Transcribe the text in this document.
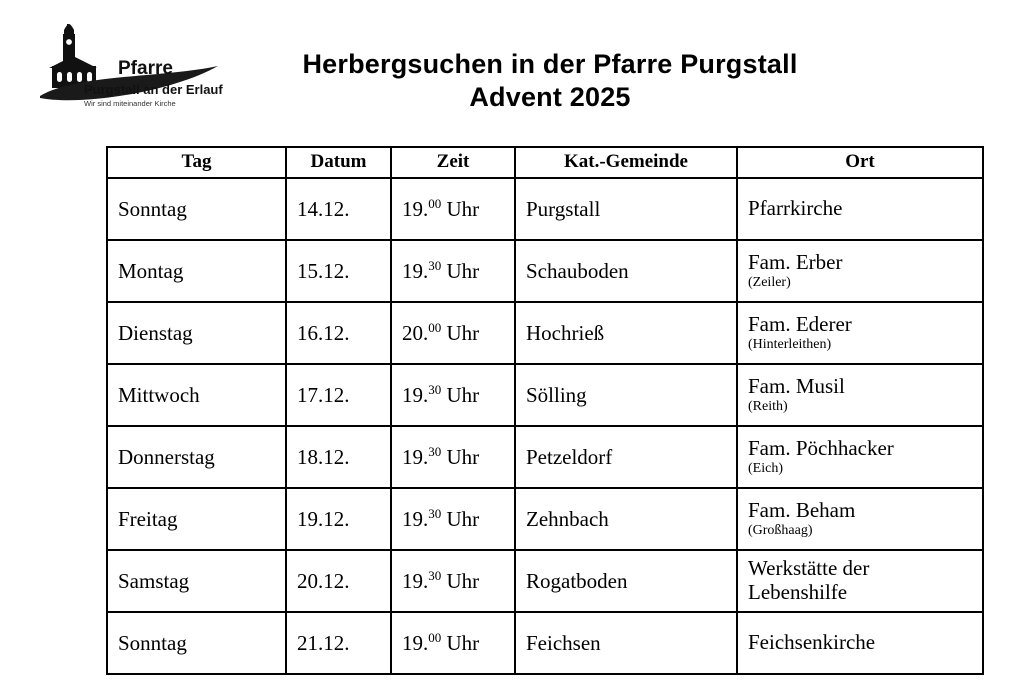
Pfarre
Purgstall an der Erlauf
Wir sind miteinander Kirche
Herbergsuchen in der Pfarre Purgstall
Advent 2025
Tag	Datum	Zeit	Kat.-Gemeinde	Ort
Sonntag	14.12.	19.00 Uhr	Purgstall	Pfarrkirche

Montag	15.12.	19.30 Uhr	Schauboden	Fam. Erber
(Zeiler)

Dienstag	16.12.	20.00 Uhr	Hochrieß	Fam. Ederer
(Hinterleithen)

Mittwoch	17.12.	19.30 Uhr	Sölling	Fam. Musil
(Reith)

Donnerstag	18.12.	19.30 Uhr	Petzeldorf	Fam. Pöchhacker
(Eich)

Freitag	19.12.	19.30 Uhr	Zehnbach	Fam. Beham
(Großhaag)

Samstag	20.12.	19.30 Uhr	Rogatboden	Werkstätte der
Lebenshilfe

Sonntag	21.12.	19.00 Uhr	Feichsen	Feichsenkirche
